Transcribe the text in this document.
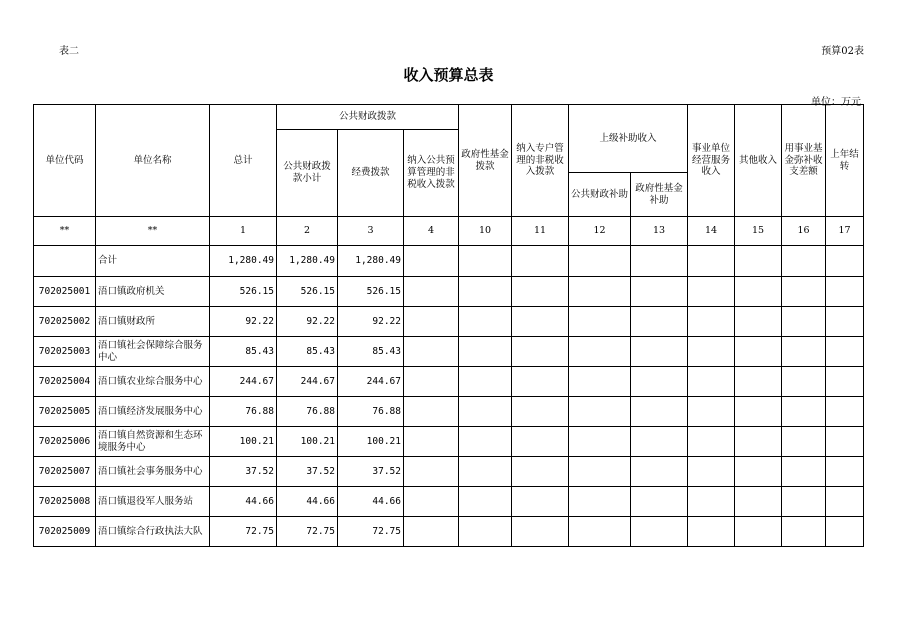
表二	预算02表
收入预算总表
单位：万元
单位代码	单位名称	总计	公共财政拨款			政府性基金拨款	纳入专户管理的非税收入拨款	上级补助收入		事业单位经营服务收入	其他收入	用事业基金弥补收支差额	上年结转
			公共财政拨款小计	经费拨款	纳入公共预算管理的非税收入拨款								
								公共财政补助	政府性基金补助				
**	**	1	2	3	4	10	11	12	13	14	15	16	17
	合计	1,280.49	1,280.49	1,280.49									
702025001	浯口镇政府机关	526.15	526.15	526.15									
702025002	浯口镇财政所	92.22	92.22	92.22									
702025003	浯口镇社会保障综合服务中心	85.43	85.43	85.43									
702025004	浯口镇农业综合服务中心	244.67	244.67	244.67									
702025005	浯口镇经济发展服务中心	76.88	76.88	76.88									
702025006	浯口镇自然资源和生态环境服务中心	100.21	100.21	100.21									
702025007	浯口镇社会事务服务中心	37.52	37.52	37.52									
702025008	浯口镇退役军人服务站	44.66	44.66	44.66									
702025009	浯口镇综合行政执法大队	72.75	72.75	72.75									
